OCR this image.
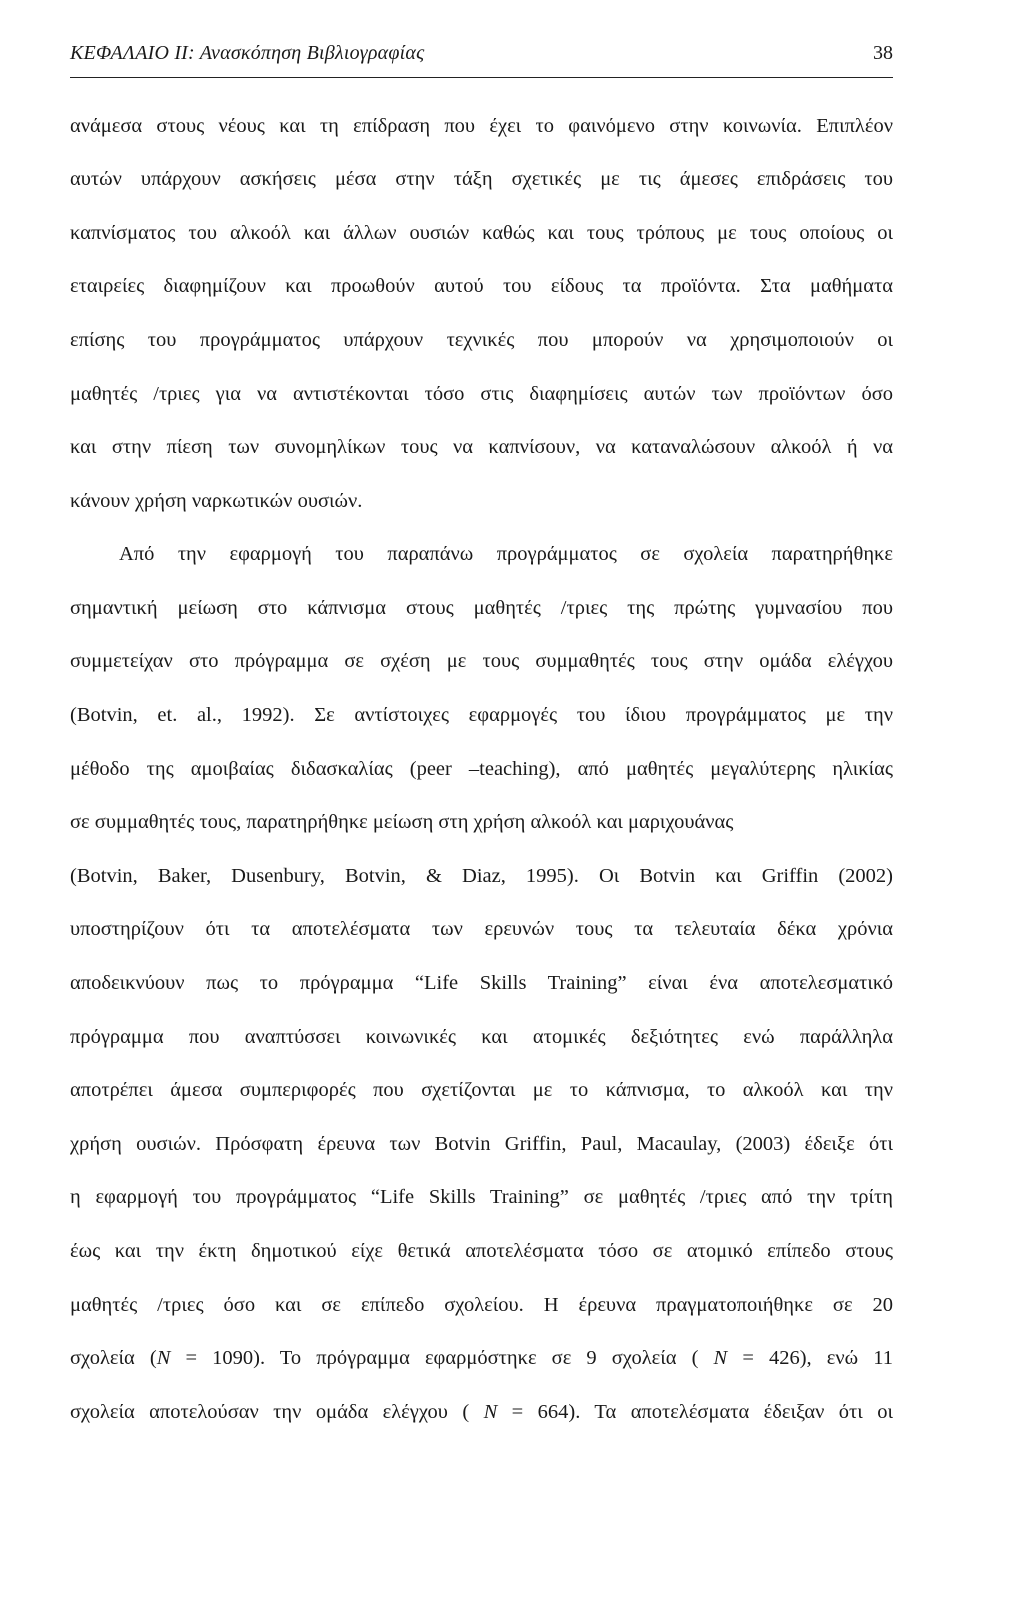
ΚΕΦΑΛΑΙΟ ΙΙ: Ανασκόπηση Βιβλιογραφίας	38
ανάμεσα στους νέους και τη επίδραση που έχει το φαινόμενο στην κοινωνία. Επιπλέον
αυτών υπάρχουν ασκήσεις μέσα στην τάξη σχετικές με τις άμεσες επιδράσεις του
καπνίσματος του αλκοόλ και άλλων ουσιών καθώς και τους τρόπους με τους οποίους οι
εταιρείες διαφημίζουν και προωθούν αυτού του είδους τα προϊόντα. Στα μαθήματα
επίσης του προγράμματος υπάρχουν τεχνικές που μπορούν να χρησιμοποιούν οι
μαθητές /τριες για να αντιστέκονται τόσο στις διαφημίσεις αυτών των προϊόντων όσο
και στην πίεση των συνομηλίκων τους να καπνίσουν, να καταναλώσουν αλκοόλ ή να
κάνουν χρήση ναρκωτικών ουσιών.
Από την εφαρμογή του παραπάνω προγράμματος σε σχολεία παρατηρήθηκε
σημαντική μείωση στο κάπνισμα στους μαθητές /τριες της πρώτης γυμνασίου που
συμμετείχαν στο πρόγραμμα σε σχέση με τους συμμαθητές τους στην ομάδα ελέγχου
(Botvin, et. al., 1992). Σε αντίστοιχες εφαρμογές του ίδιου προγράμματος με την
μέθοδο της αμοιβαίας διδασκαλίας (peer –teaching), από μαθητές μεγαλύτερης ηλικίας
σε συμμαθητές τους, παρατηρήθηκε μείωση στη χρήση αλκοόλ και μαριχουάνας
(Botvin, Baker, Dusenbury, Botvin, & Diaz, 1995). Οι Botvin και Griffin (2002)
υποστηρίζουν ότι τα αποτελέσματα των ερευνών τους τα τελευταία δέκα χρόνια
αποδεικνύουν πως το πρόγραμμα “Life Skills Training” είναι ένα αποτελεσματικό
πρόγραμμα που αναπτύσσει κοινωνικές και ατομικές δεξιότητες ενώ παράλληλα
αποτρέπει άμεσα συμπεριφορές που σχετίζονται με το κάπνισμα, το αλκοόλ και την
χρήση ουσιών. Πρόσφατη έρευνα των Botvin Griffin, Paul, Macaulay, (2003) έδειξε ότι
η εφαρμογή του προγράμματος “Life Skills Training” σε μαθητές /τριες από την τρίτη
έως και την έκτη δημοτικού είχε θετικά αποτελέσματα τόσο σε ατομικό επίπεδο στους
μαθητές /τριες όσο και σε επίπεδο σχολείου. Η έρευνα πραγματοποιήθηκε σε 20
σχολεία (N = 1090). Το πρόγραμμα εφαρμόστηκε σε 9 σχολεία ( N = 426), ενώ 11
σχολεία αποτελούσαν την ομάδα ελέγχου ( N = 664). Τα αποτελέσματα έδειξαν ότι οι
